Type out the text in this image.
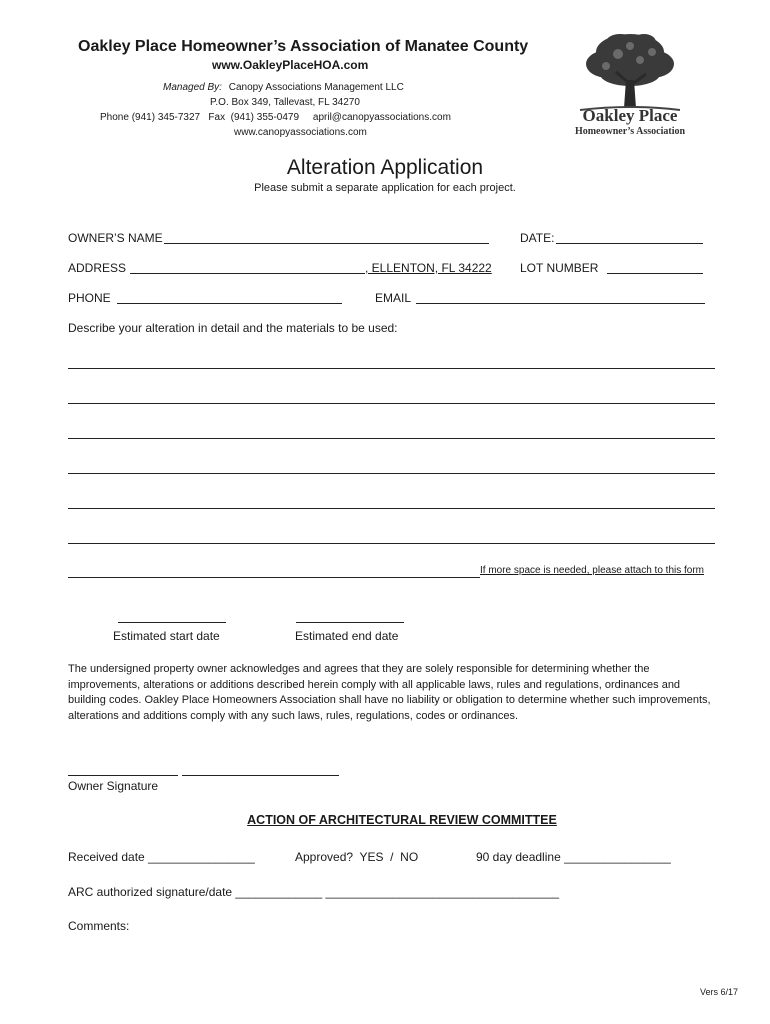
Oakley Place Homeowner’s Association of Manatee County
www.OakleyPlaceHOA.com
Managed By: Canopy Associations Management LLC
P.O. Box 349, Tallevast, FL 34270
Phone (941) 345-7327   Fax  (941) 355-0479     april@canopyassociations.com
www.canopyassociations.com
Oakley Place
Homeowner’s Association
Alteration Application
Please submit a separate application for each project.
OWNER’S NAME	DATE:
ADDRESS	, ELLENTON, FL 34222 LOT NUMBER
PHONE	EMAIL
Describe your alteration in detail and the materials to be used:
If more space is needed, please attach to this form
Estimated start date	Estimated end date
The undersigned property owner acknowledges and agrees that they are solely responsible for determining whether the improvements, alterations or additions described herein comply with all applicable laws, rules and regulations, ordinances and building codes. Oakley Place Homeowners Association shall have no liability or obligation to determine whether such improvements, alterations and additions comply with any such laws, rules, regulations, codes or ordinances.
Owner Signature
ACTION OF ARCHITECTURAL REVIEW COMMITTEE
Received date ________________	Approved?  YES  /  NO	90 day deadline ________________
ARC authorized signature/date _____________ ___________________________________
Comments:
Vers 6/17
